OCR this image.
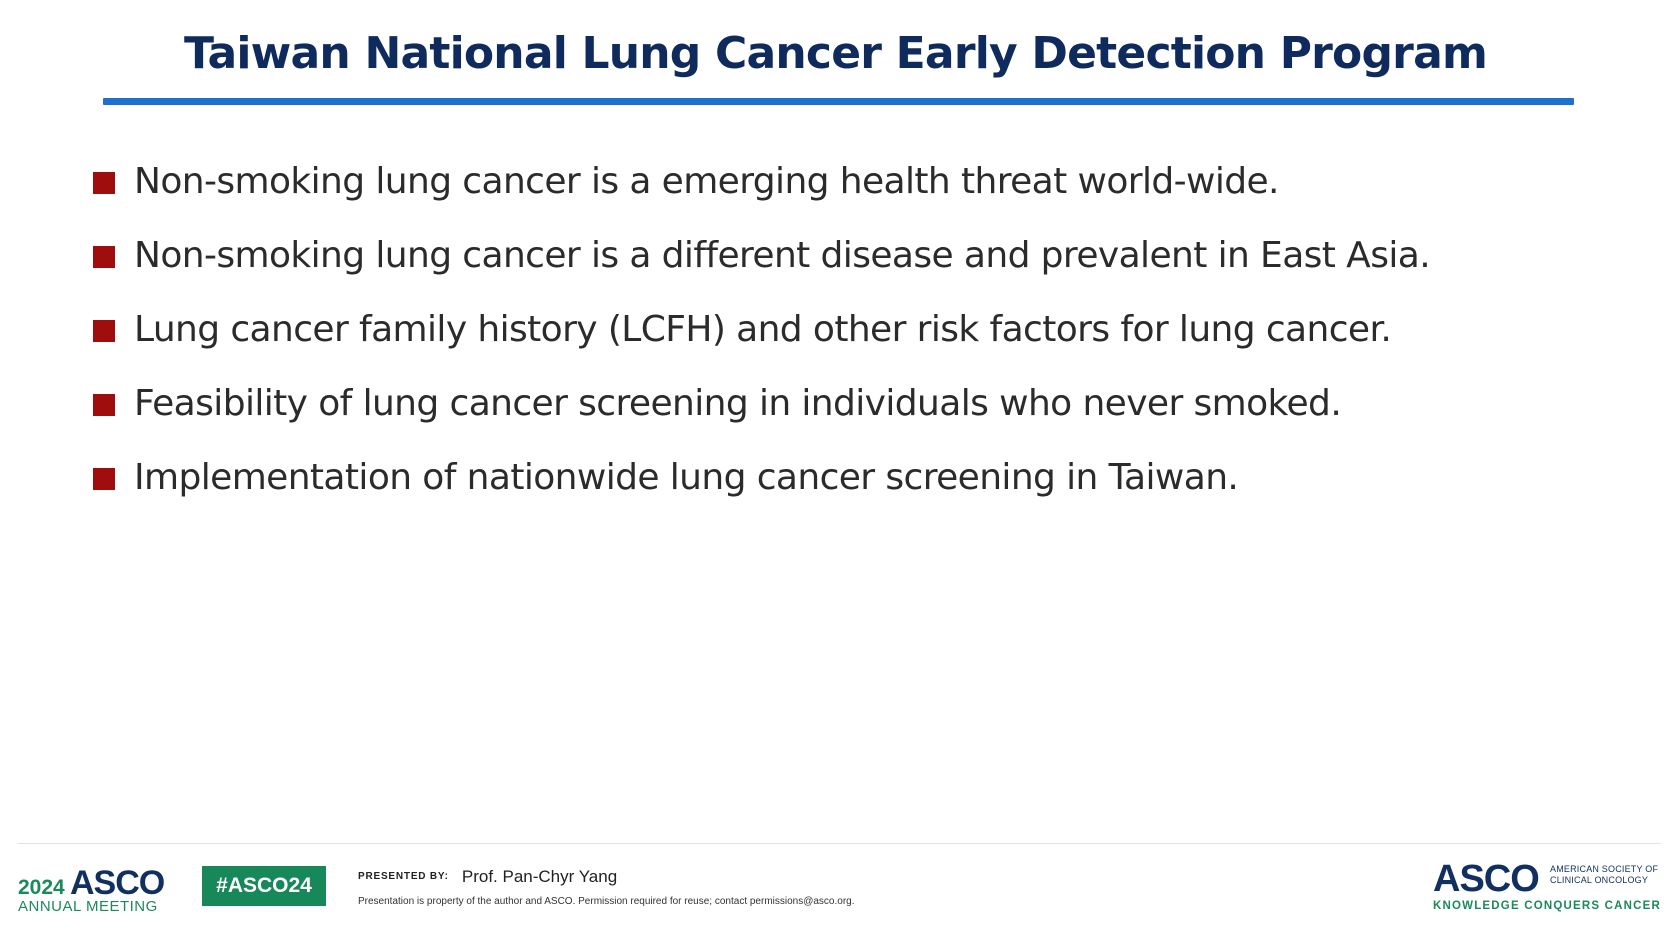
Taiwan National Lung Cancer Early Detection Program
Non-smoking lung cancer is a emerging health threat world-wide.
Non-smoking lung cancer is a different disease and prevalent in East Asia.
Lung cancer family history (LCFH) and other risk factors for lung cancer.
Feasibility of lung cancer screening in individuals who never smoked.
Implementation of nationwide lung cancer screening in Taiwan.
2024 ASCO
ANNUAL MEETING
#ASCO24	PRESENTED BY: Prof. Pan-Chyr Yang
Presentation is property of the author and ASCO. Permission required for reuse; contact permissions@asco.org.
ASCO AMERICAN SOCIETY OF CLINICAL ONCOLOGY
KNOWLEDGE CONQUERS CANCER
